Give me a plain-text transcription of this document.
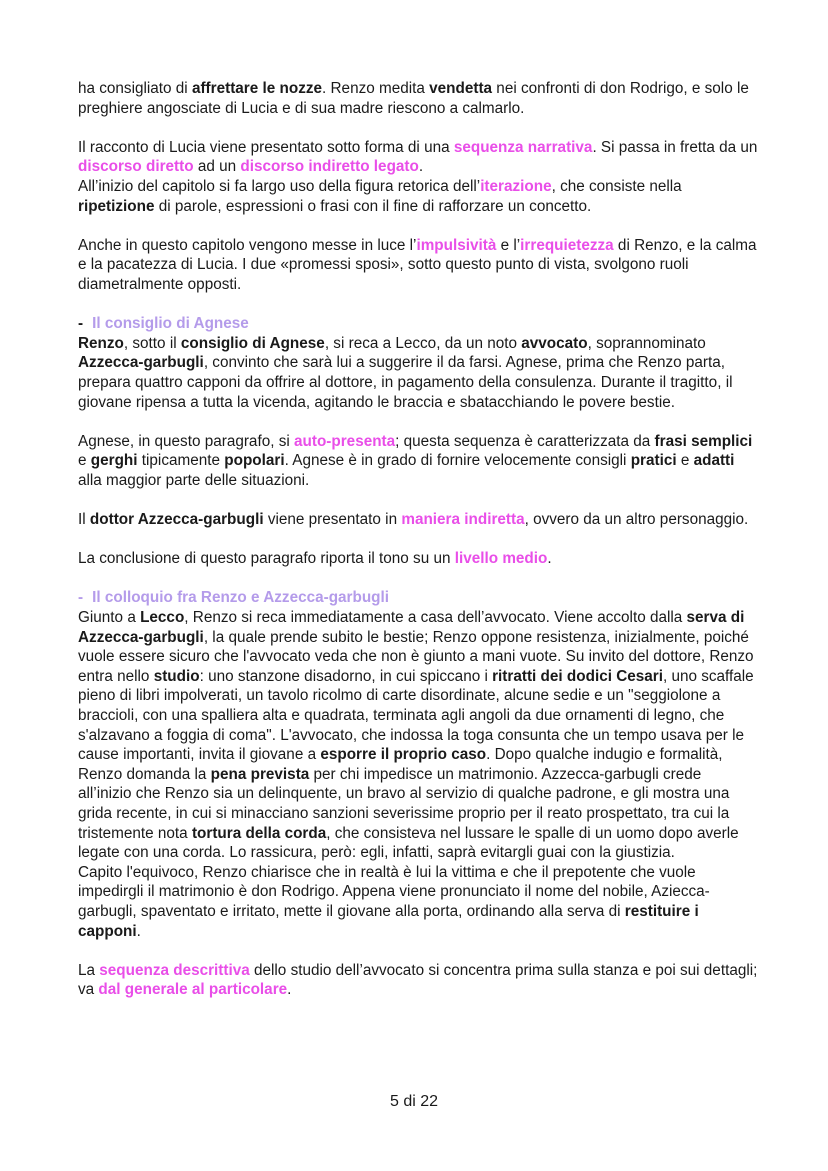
ha consigliato di affrettare le nozze. Renzo medita vendetta nei confronti di don Rodrigo, e solo le preghiere angosciate di Lucia e di sua madre riescono a calmarlo.

Il racconto di Lucia viene presentato sotto forma di una sequenza narrativa. Si passa in fretta da un discorso diretto ad un discorso indiretto legato.

All’inizio del capitolo si fa largo uso della figura retorica dell’iterazione, che consiste nella ripetizione di parole, espressioni o frasi con il fine di rafforzare un concetto.

Anche in questo capitolo vengono messe in luce l’impulsività e l’irrequietezza di Renzo, e la calma e la pacatezza di Lucia. I due «promessi sposi», sotto questo punto di vista, svolgono ruoli diametralmente opposti.

- Il consiglio di Agnese

Renzo, sotto il consiglio di Agnese, si reca a Lecco, da un noto avvocato, soprannominato Azzecca-garbugli, convinto che sarà lui a suggerire il da farsi. Agnese, prima che Renzo parta, prepara quattro capponi da offrire al dottore, in pagamento della consulenza. Durante il tragitto, il giovane ripensa a tutta la vicenda, agitando le braccia e sbatacchiando le povere bestie.

Agnese, in questo paragrafo, si auto-presenta; questa sequenza è caratterizzata da frasi semplici e gerghi tipicamente popolari. Agnese è in grado di fornire velocemente consigli pratici e adatti alla maggior parte delle situazioni.

Il dottor Azzecca-garbugli viene presentato in maniera indiretta, ovvero da un altro personaggio.

La conclusione di questo paragrafo riporta il tono su un livello medio.

- Il colloquio fra Renzo e Azzecca-garbugli

Giunto a Lecco, Renzo si reca immediatamente a casa dell’avvocato. Viene accolto dalla serva di Azzecca-garbugli, la quale prende subito le bestie; Renzo oppone resistenza, inizialmente, poiché vuole essere sicuro che l'avvocato veda che non è giunto a mani vuote. Su invito del dottore, Renzo entra nello studio: uno stanzone disadorno, in cui spiccano i ritratti dei dodici Cesari, uno scaffale pieno di libri impolverati, un tavolo ricolmo di carte disordinate, alcune sedie e un "seggiolone a braccioli, con una spalliera alta e quadrata, terminata agli angoli da due ornamenti di legno, che s'alzavano a foggia di coma". L'avvocato, che indossa la toga consunta che un tempo usava per le cause importanti, invita il giovane a esporre il proprio caso. Dopo qualche indugio e formalità, Renzo domanda la pena prevista per chi impedisce un matrimonio. Azzecca-garbugli crede all’inizio che Renzo sia un delinquente, un bravo al servizio di qualche padrone, e gli mostra una grida recente, in cui si minacciano sanzioni severissime proprio per il reato prospettato, tra cui la tristemente nota tortura della corda, che consisteva nel lussare le spalle di un uomo dopo averle legate con una corda. Lo rassicura, però: egli, infatti, saprà evitargli guai con la giustizia.

Capito l'equivoco, Renzo chiarisce che in realtà è lui la vittima e che il prepotente che vuole impedirgli il matrimonio è don Rodrigo. Appena viene pronunciato il nome del nobile, Aziecca-garbugli, spaventato e irritato, mette il giovane alla porta, ordinando alla serva di restituire i capponi.

La sequenza descrittiva dello studio dell’avvocato si concentra prima sulla stanza e poi sui dettagli; va dal generale al particolare.

5 di 22
